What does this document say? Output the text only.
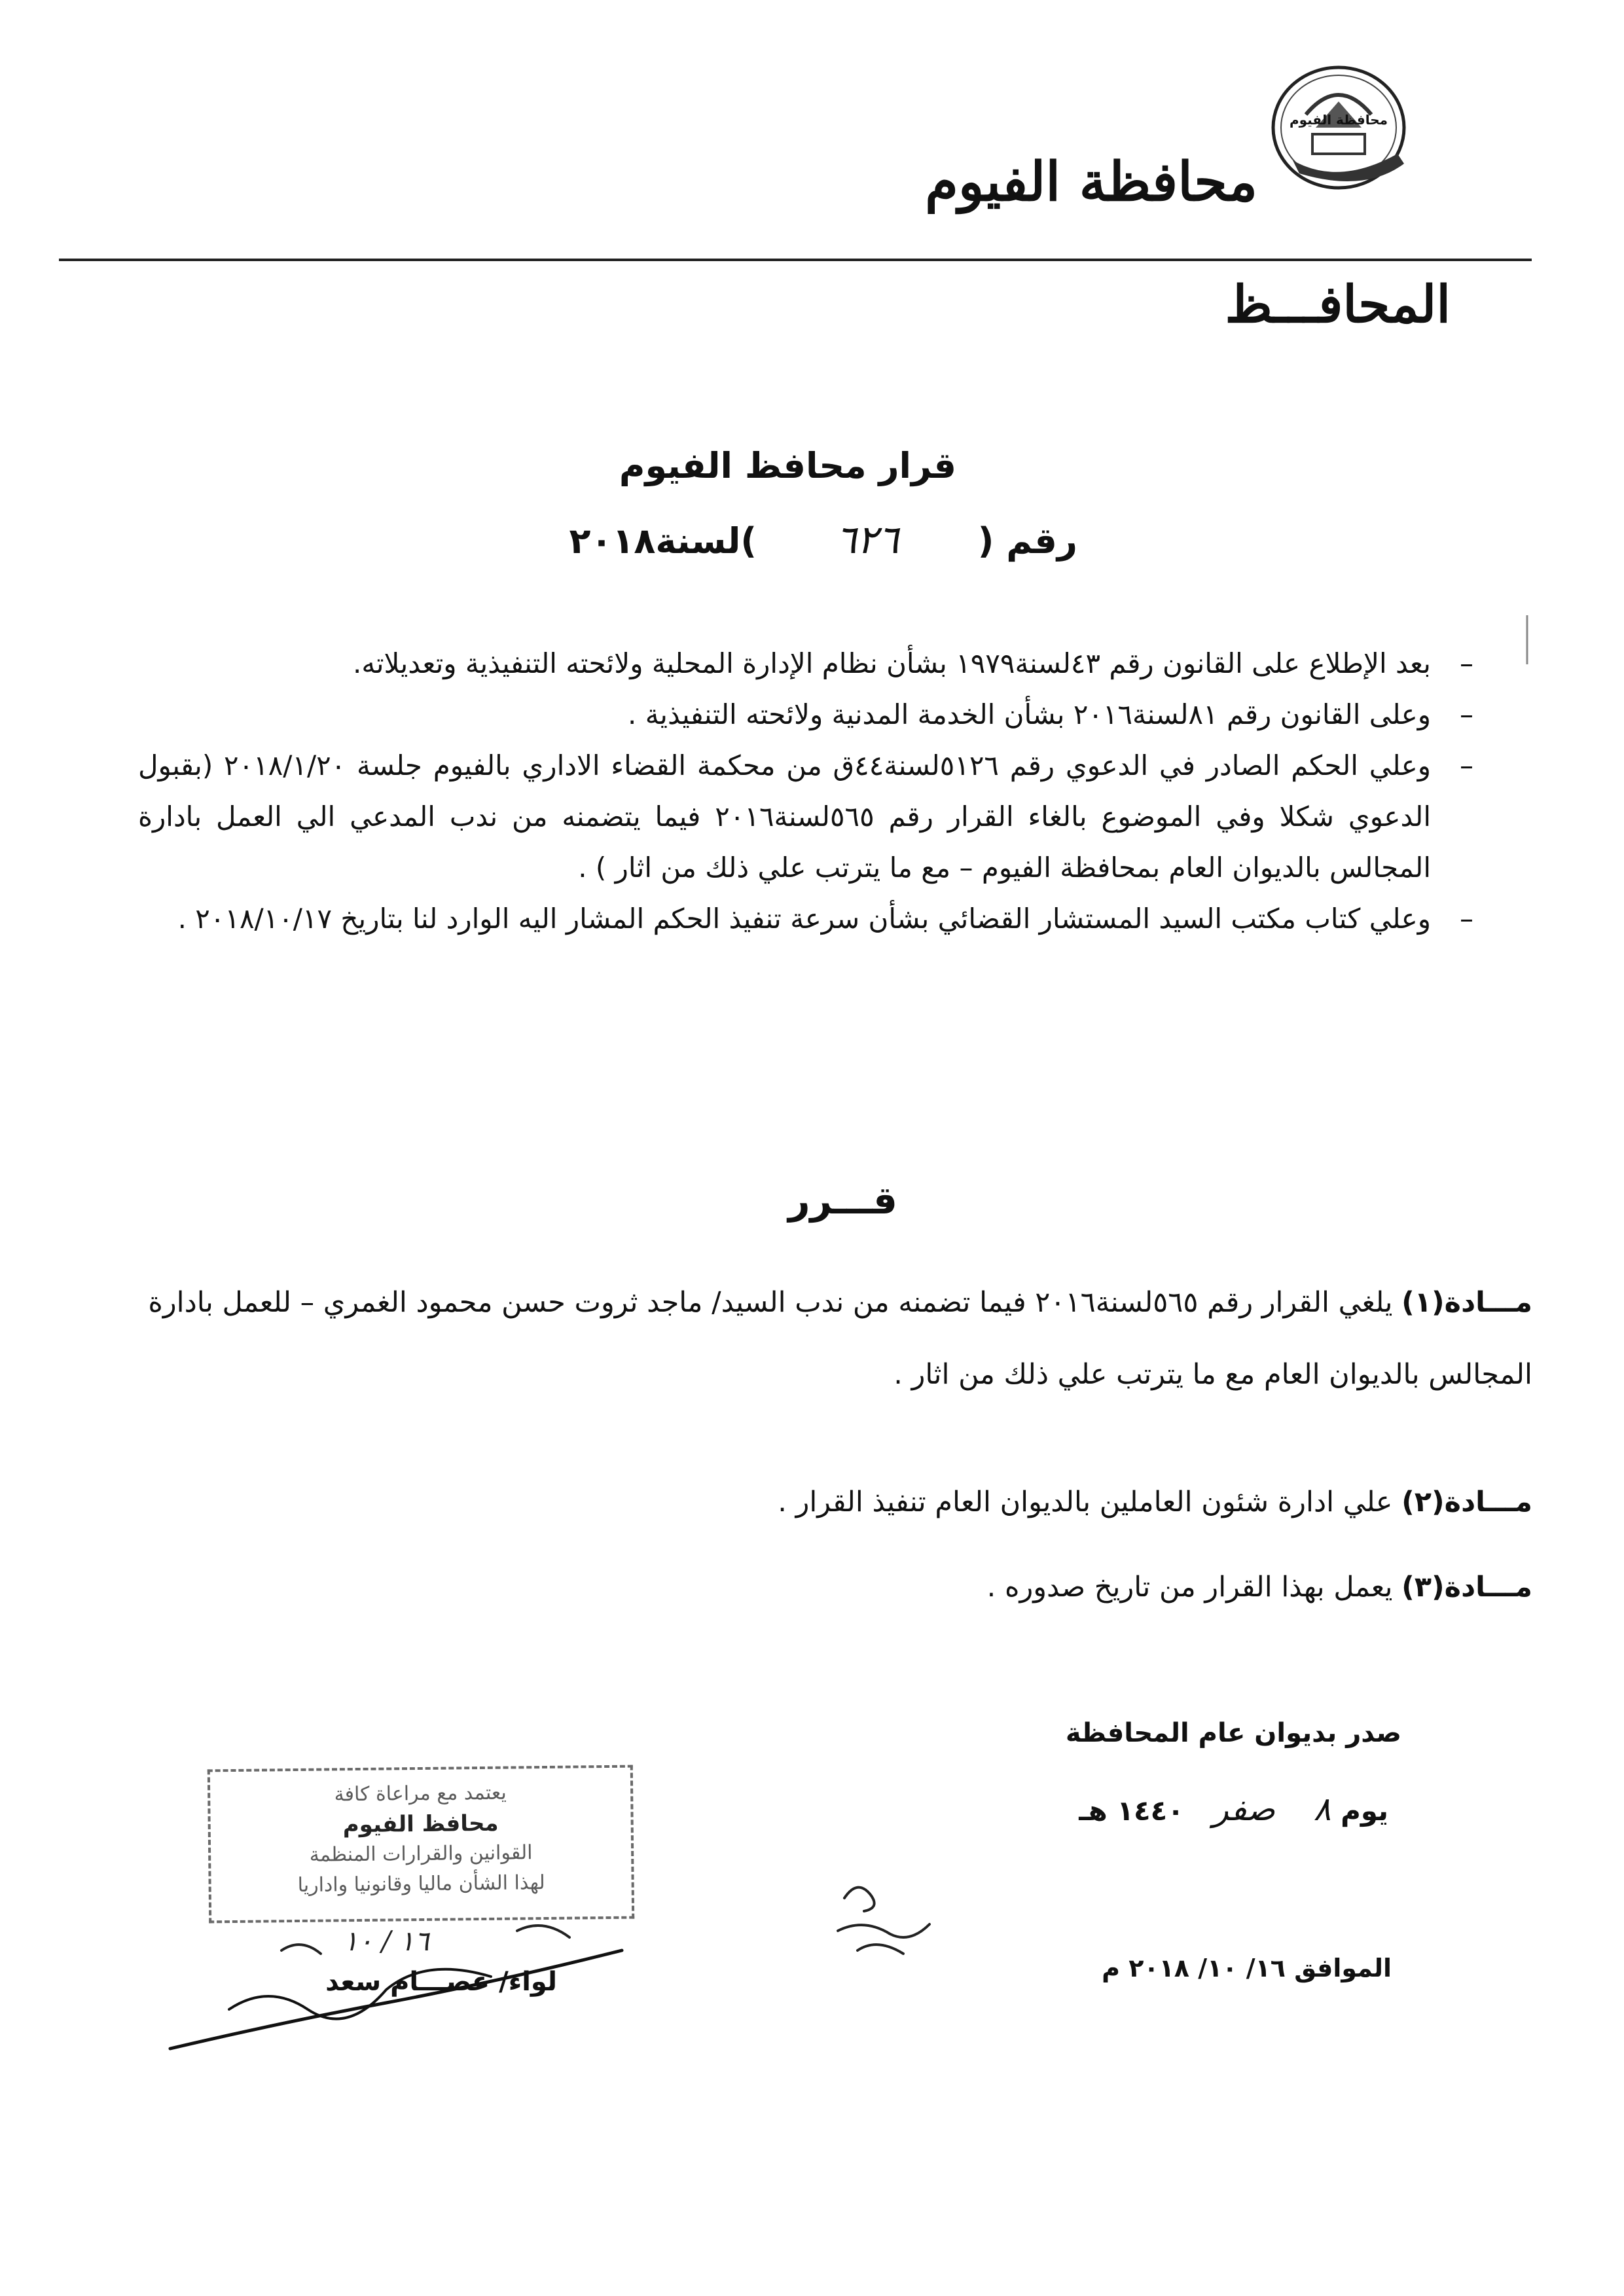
محافظة الفيوم
محافظة الفيوم
المحافـــظ
قرار محافظ الفيوم
رقم ( ٦٢٦ )لسنة٢٠١٨
– بعد الإطلاع على القانون رقم ٤٣لسنة١٩٧٩ بشأن نظام الإدارة المحلية ولائحته التنفيذية وتعديلاته.
– وعلى القانون رقم ٨١لسنة٢٠١٦ بشأن الخدمة المدنية ولائحته التنفيذية .
– وعلي الحكم الصادر في الدعوي رقم ٥١٢٦لسنة٤٤ق من محكمة القضاء الاداري بالفيوم جلسة ٢٠١٨/١/٢٠ (بقبول الدعوي شكلا وفي الموضوع بالغاء القرار رقم ٥٦٥لسنة٢٠١٦ فيما يتضمنه من ندب المدعي الي العمل بادارة المجالس بالديوان العام بمحافظة الفيوم – مع ما يترتب علي ذلك من اثار ) .
– وعلي كتاب مكتب السيد المستشار القضائي بشأن سرعة تنفيذ الحكم المشار اليه الوارد لنا بتاريخ ٢٠١٨/١٠/١٧ .
قـــرر
مـــادة(١) يلغي القرار رقم ٥٦٥لسنة٢٠١٦ فيما تضمنه من ندب السيد/ ماجد ثروت حسن محمود الغمري – للعمل بادارة المجالس بالديوان العام مع ما يترتب علي ذلك من اثار .
مـــادة(٢) علي ادارة شئون العاملين بالديوان العام تنفيذ القرار .
مـــادة(٣) يعمل بهذا القرار من تاريخ صدوره .
صدر بديوان عام المحافظة
يوم ٨    صفر   ١٤٤٠ هـ
الموافق ١٦/ ١٠/ ٢٠١٨ م
يعتمد مع مراعاة كافة
محافظ الفيوم
القوانين والقرارات المنظمة
لهذا الشأن ماليا وقانونيا واداريا
١٦ / ١٠
لواء/ عصـــام سعد
